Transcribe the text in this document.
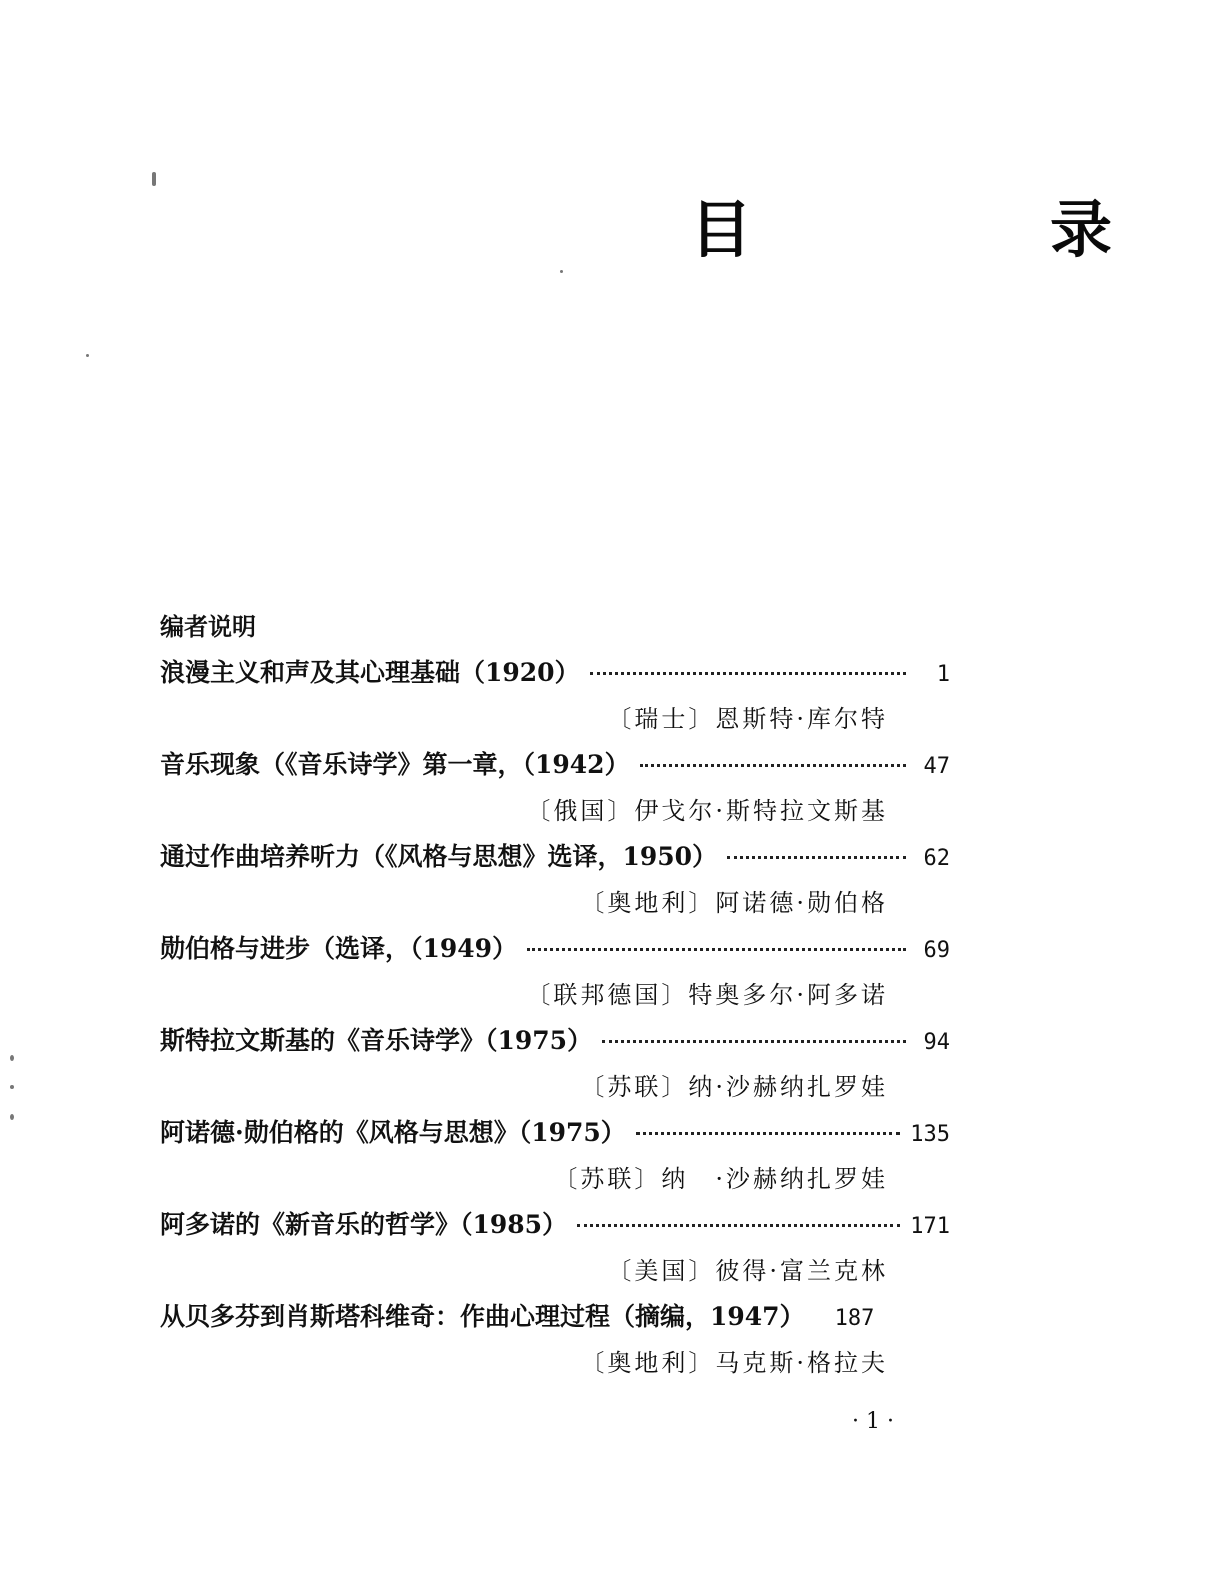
目　录
编者说明
浪漫主义和声及其心理基础（1920）	1
〔瑞士〕恩斯特·库尔特
音乐现象（《音乐诗学》第一章，（1942）	47
〔俄国〕伊戈尔·斯特拉文斯基
通过作曲培养听力（《风格与思想》选译，1950）	62
〔奥地利〕阿诺德·勋伯格
勋伯格与进步（选译，（1949）	69
〔联邦德国〕特奥多尔·阿多诺
斯特拉文斯基的《音乐诗学》（1975）	94
〔苏联〕纳·沙赫纳扎罗娃
阿诺德·勋伯格的《风格与思想》（1975）	135
〔苏联〕纳　·沙赫纳扎罗娃
阿多诺的《新音乐的哲学》（1985）	171
〔美国〕彼得·富兰克林
从贝多芬到肖斯塔科维奇：作曲心理过程（摘编，1947） 187
〔奥地利〕马克斯·格拉夫
· 1 ·
